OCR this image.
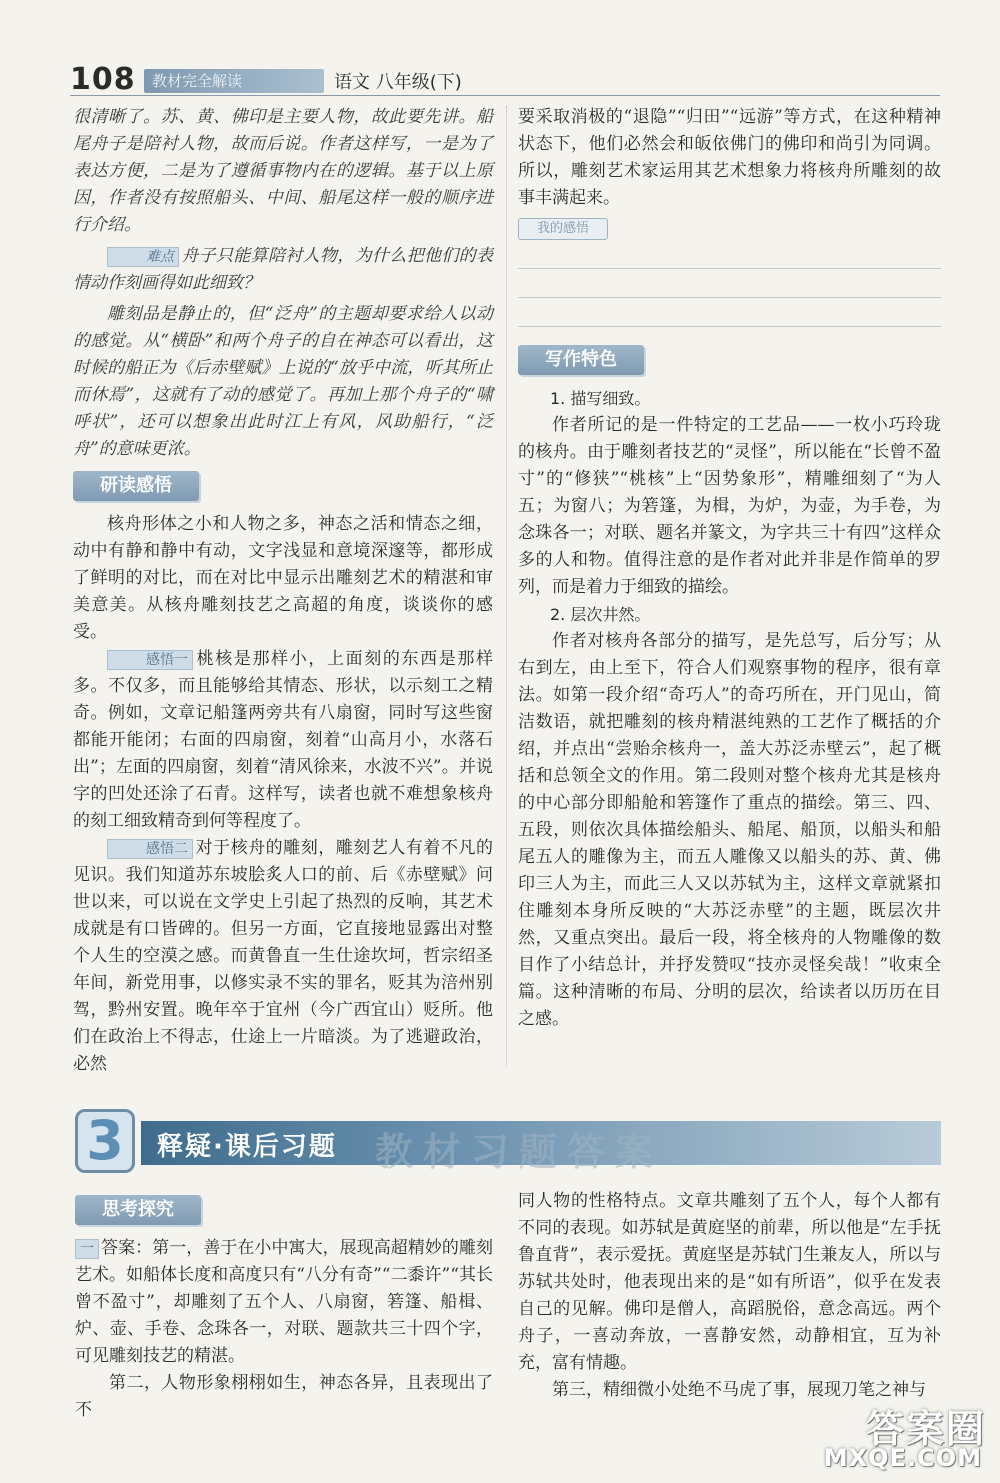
108	教材完全解读	语文 八年级(下)

很清晰了。苏、黄、佛印是主要人物，故此要先讲。船尾舟子是陪衬人物，故而后说。作者这样写，一是为了表达方便，二是为了遵循事物内在的逻辑。基于以上原因，作者没有按照船头、中间、船尾这样一般的顺序进行介绍。

难点 舟子只能算陪衬人物，为什么把他们的表情动作刻画得如此细致？

雕刻品是静止的，但“泛舟”的主题却要求给人以动的感觉。从“横卧”和两个舟子的自在神态可以看出，这时候的船正为《后赤壁赋》上说的“放乎中流，听其所止而休焉”，这就有了动的感觉了。再加上那个舟子的“啸呼状”，还可以想象出此时江上有风，风助船行，“泛舟”的意味更浓。

研读感悟

核舟形体之小和人物之多，神态之活和情态之细，动中有静和静中有动，文字浅显和意境深邃等，都形成了鲜明的对比，而在对比中显示出雕刻艺术的精湛和审美意美。从核舟雕刻技艺之高超的角度，谈谈你的感受。

感悟一 桃核是那样小，上面刻的东西是那样多。不仅多，而且能够给其情态、形状，以示刻工之精奇。例如，文章记船篷两旁共有八扇窗，同时写这些窗都能开能闭；右面的四扇窗，刻着“山高月小，水落石出”；左面的四扇窗，刻着“清风徐来，水波不兴”。并说字的凹处还涂了石青。这样写，读者也就不难想象核舟的刻工细致精奇到何等程度了。

感悟二 对于核舟的雕刻，雕刻艺人有着不凡的见识。我们知道苏东坡脍炙人口的前、后《赤壁赋》问世以来，可以说在文学史上引起了热烈的反响，其艺术成就是有口皆碑的。但另一方面，它直接地显露出对整个人生的空漠之感。而黄鲁直一生仕途坎坷，哲宗绍圣年间，新党用事，以修实录不实的罪名，贬其为涪州别驾，黔州安置。晚年卒于宜州（今广西宜山）贬所。他们在政治上不得志，仕途上一片暗淡。为了逃避政治，必然

要采取消极的“退隐”“归田”“远游”等方式，在这种精神状态下，他们必然会和皈依佛门的佛印和尚引为同调。所以，雕刻艺术家运用其艺术想象力将核舟所雕刻的故事丰满起来。

我的感悟
写作特色

1. 描写细致。

作者所记的是一件特定的工艺品——一枚小巧玲珑的核舟。由于雕刻者技艺的“灵怪”，所以能在“长曾不盈寸”的“修狭”“桃核”上“因势象形”，精雕细刻了“为人五；为窗八；为箬篷，为楫，为炉，为壶，为手卷，为念珠各一；对联、题名并篆文，为字共三十有四”这样众多的人和物。值得注意的是作者对此并非是作简单的罗列，而是着力于细致的描绘。

2. 层次井然。

作者对核舟各部分的描写，是先总写，后分写；从右到左，由上至下，符合人们观察事物的程序，很有章法。如第一段介绍“奇巧人”的奇巧所在，开门见山，简洁数语，就把雕刻的核舟精湛纯熟的工艺作了概括的介绍，并点出“尝贻余核舟一，盖大苏泛赤壁云”，起了概括和总领全文的作用。第二段则对整个核舟尤其是核舟的中心部分即船舱和箬篷作了重点的描绘。第三、四、五段，则依次具体描绘船头、船尾、船顶，以船头和船尾五人的雕像为主，而五人雕像又以船头的苏、黄、佛印三人为主，而此三人又以苏轼为主，这样文章就紧扣住雕刻本身所反映的“大苏泛赤壁”的主题，既层次井然，又重点突出。最后一段，将全核舟的人物雕像的数目作了小结总计，并抒发赞叹“技亦灵怪矣哉！”收束全篇。这种清晰的布局、分明的层次，给读者以历历在目之感。

教材习题答案
3	释疑·课后习题
思考探究

一 答案：第一，善于在小中寓大，展现高超精妙的雕刻艺术。如船体长度和高度只有“八分有奇”“二黍许”“其长曾不盈寸”，却雕刻了五个人、八扇窗，箬篷、船楫、炉、壶、手卷、念珠各一，对联、题款共三十四个字，可见雕刻技艺的精湛。

第二，人物形象栩栩如生，神态各异，且表现出了不

同人物的性格特点。文章共雕刻了五个人，每个人都有不同的表现。如苏轼是黄庭坚的前辈，所以他是“左手抚鲁直背”，表示爱抚。黄庭坚是苏轼门生兼友人，所以与苏轼共处时，他表现出来的是“如有所语”，似乎在发表自己的见解。佛印是僧人，高蹈脱俗，意念高远。两个舟子，一喜动奔放，一喜静安然，动静相宜，互为补充，富有情趣。

第三，精细微小处绝不马虎了事，展现刀笔之神与

答案圈
MXQE.COM
